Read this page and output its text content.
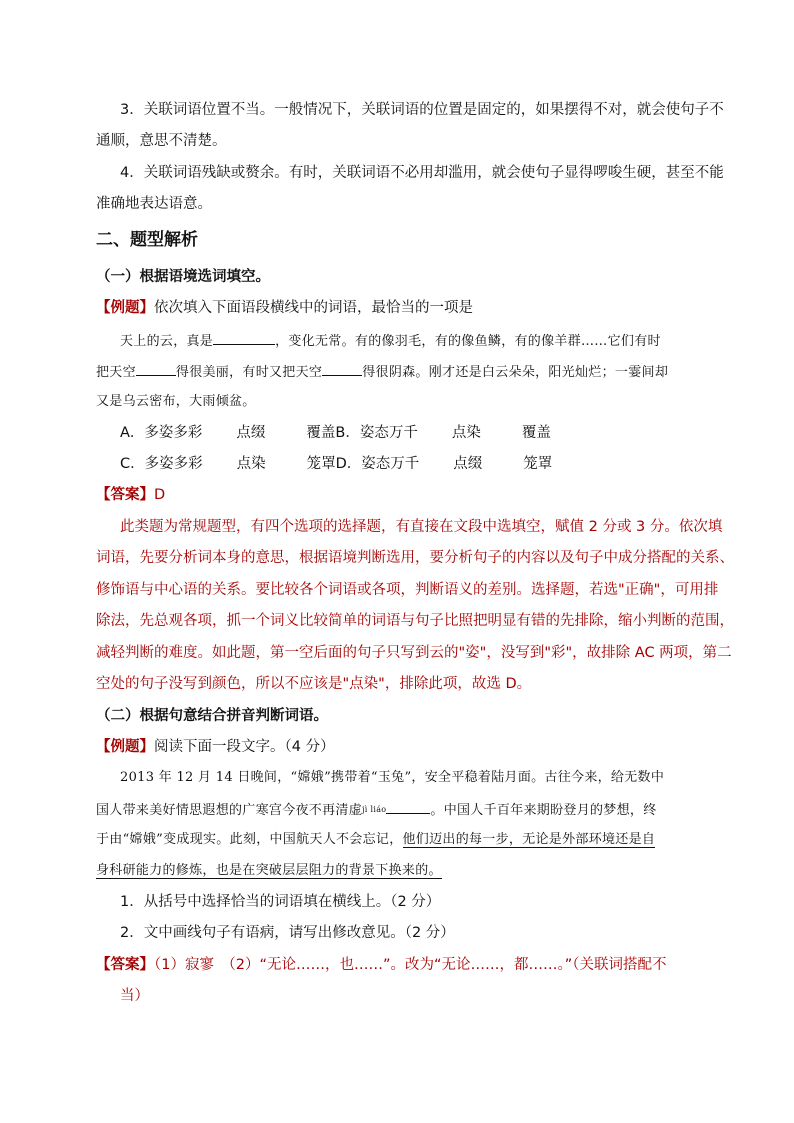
3．关联词语位置不当。一般情况下，关联词语的位置是固定的，如果摆得不对，就会使句子不
通顺，意思不清楚。
4．关联词语残缺或赘余。有时，关联词语不必用却滥用，就会使句子显得啰唆生硬，甚至不能
准确地表达语意。
二、题型解析
（一）根据语境选词填空。
【例题】依次填入下面语段横线中的词语，最恰当的一项是
天上的云，真是	，变化无常。有的像羽毛，有的像鱼鳞，有的像羊群……它们有时
把天空	得很美丽，有时又把天空	得很阴森。刚才还是白云朵朵，阳光灿烂；一霎间却
又是乌云密布，大雨倾盆。
A．多姿多彩 点缀	覆盖B．姿态万千 点染	覆盖
C．多姿多彩 点染	笼罩D．姿态万千 点缀	笼罩
【答案】D
此类题为常规题型，有四个选项的选择题，有直接在文段中选填空，赋值 2 分或 3 分。依次填
词语，先要分析词本身的意思，根据语境判断选用，要分析句子的内容以及句子中成分搭配的关系、
修饰语与中心语的关系。要比较各个词语或各项，判断语义的差别。选择题，若选"正确"，可用排
除法，先总观各项，抓一个词义比较简单的词语与句子比照把明显有错的先排除，缩小判断的范围，
减轻判断的难度。如此题，第一空后面的句子只写到云的"姿"，没写到"彩"，故排除 AC 两项，第二
空处的句子没写到颜色，所以不应该是"点染"，排除此项，故选 D。
（二）根据句意结合拼音判断词语。
【例题】阅读下面一段文字。（4 分）
2013 年 12 月 14 日晚间，“嫦娥”携带着“玉兔”，安全平稳着陆月面。古往今来，给无数中
国人带来美好情思遐想的广寒宫今夜不再清虚jì liáo	。中国人千百年来期盼登月的梦想，终
于由“嫦娥”变成现实。此刻，中国航天人不会忘记，他们迈出的每一步，无论是外部环境还是自
身科研能力的修炼，也是在突破层层阻力的背景下换来的。
1．从括号中选择恰当的词语填在横线上。（2 分）
2．文中画线句子有语病，请写出修改意见。（2 分）
【答案】（1）寂寥　（2）“无论……，也……”。改为“无论……，都……。”（关联词搭配不
当）
